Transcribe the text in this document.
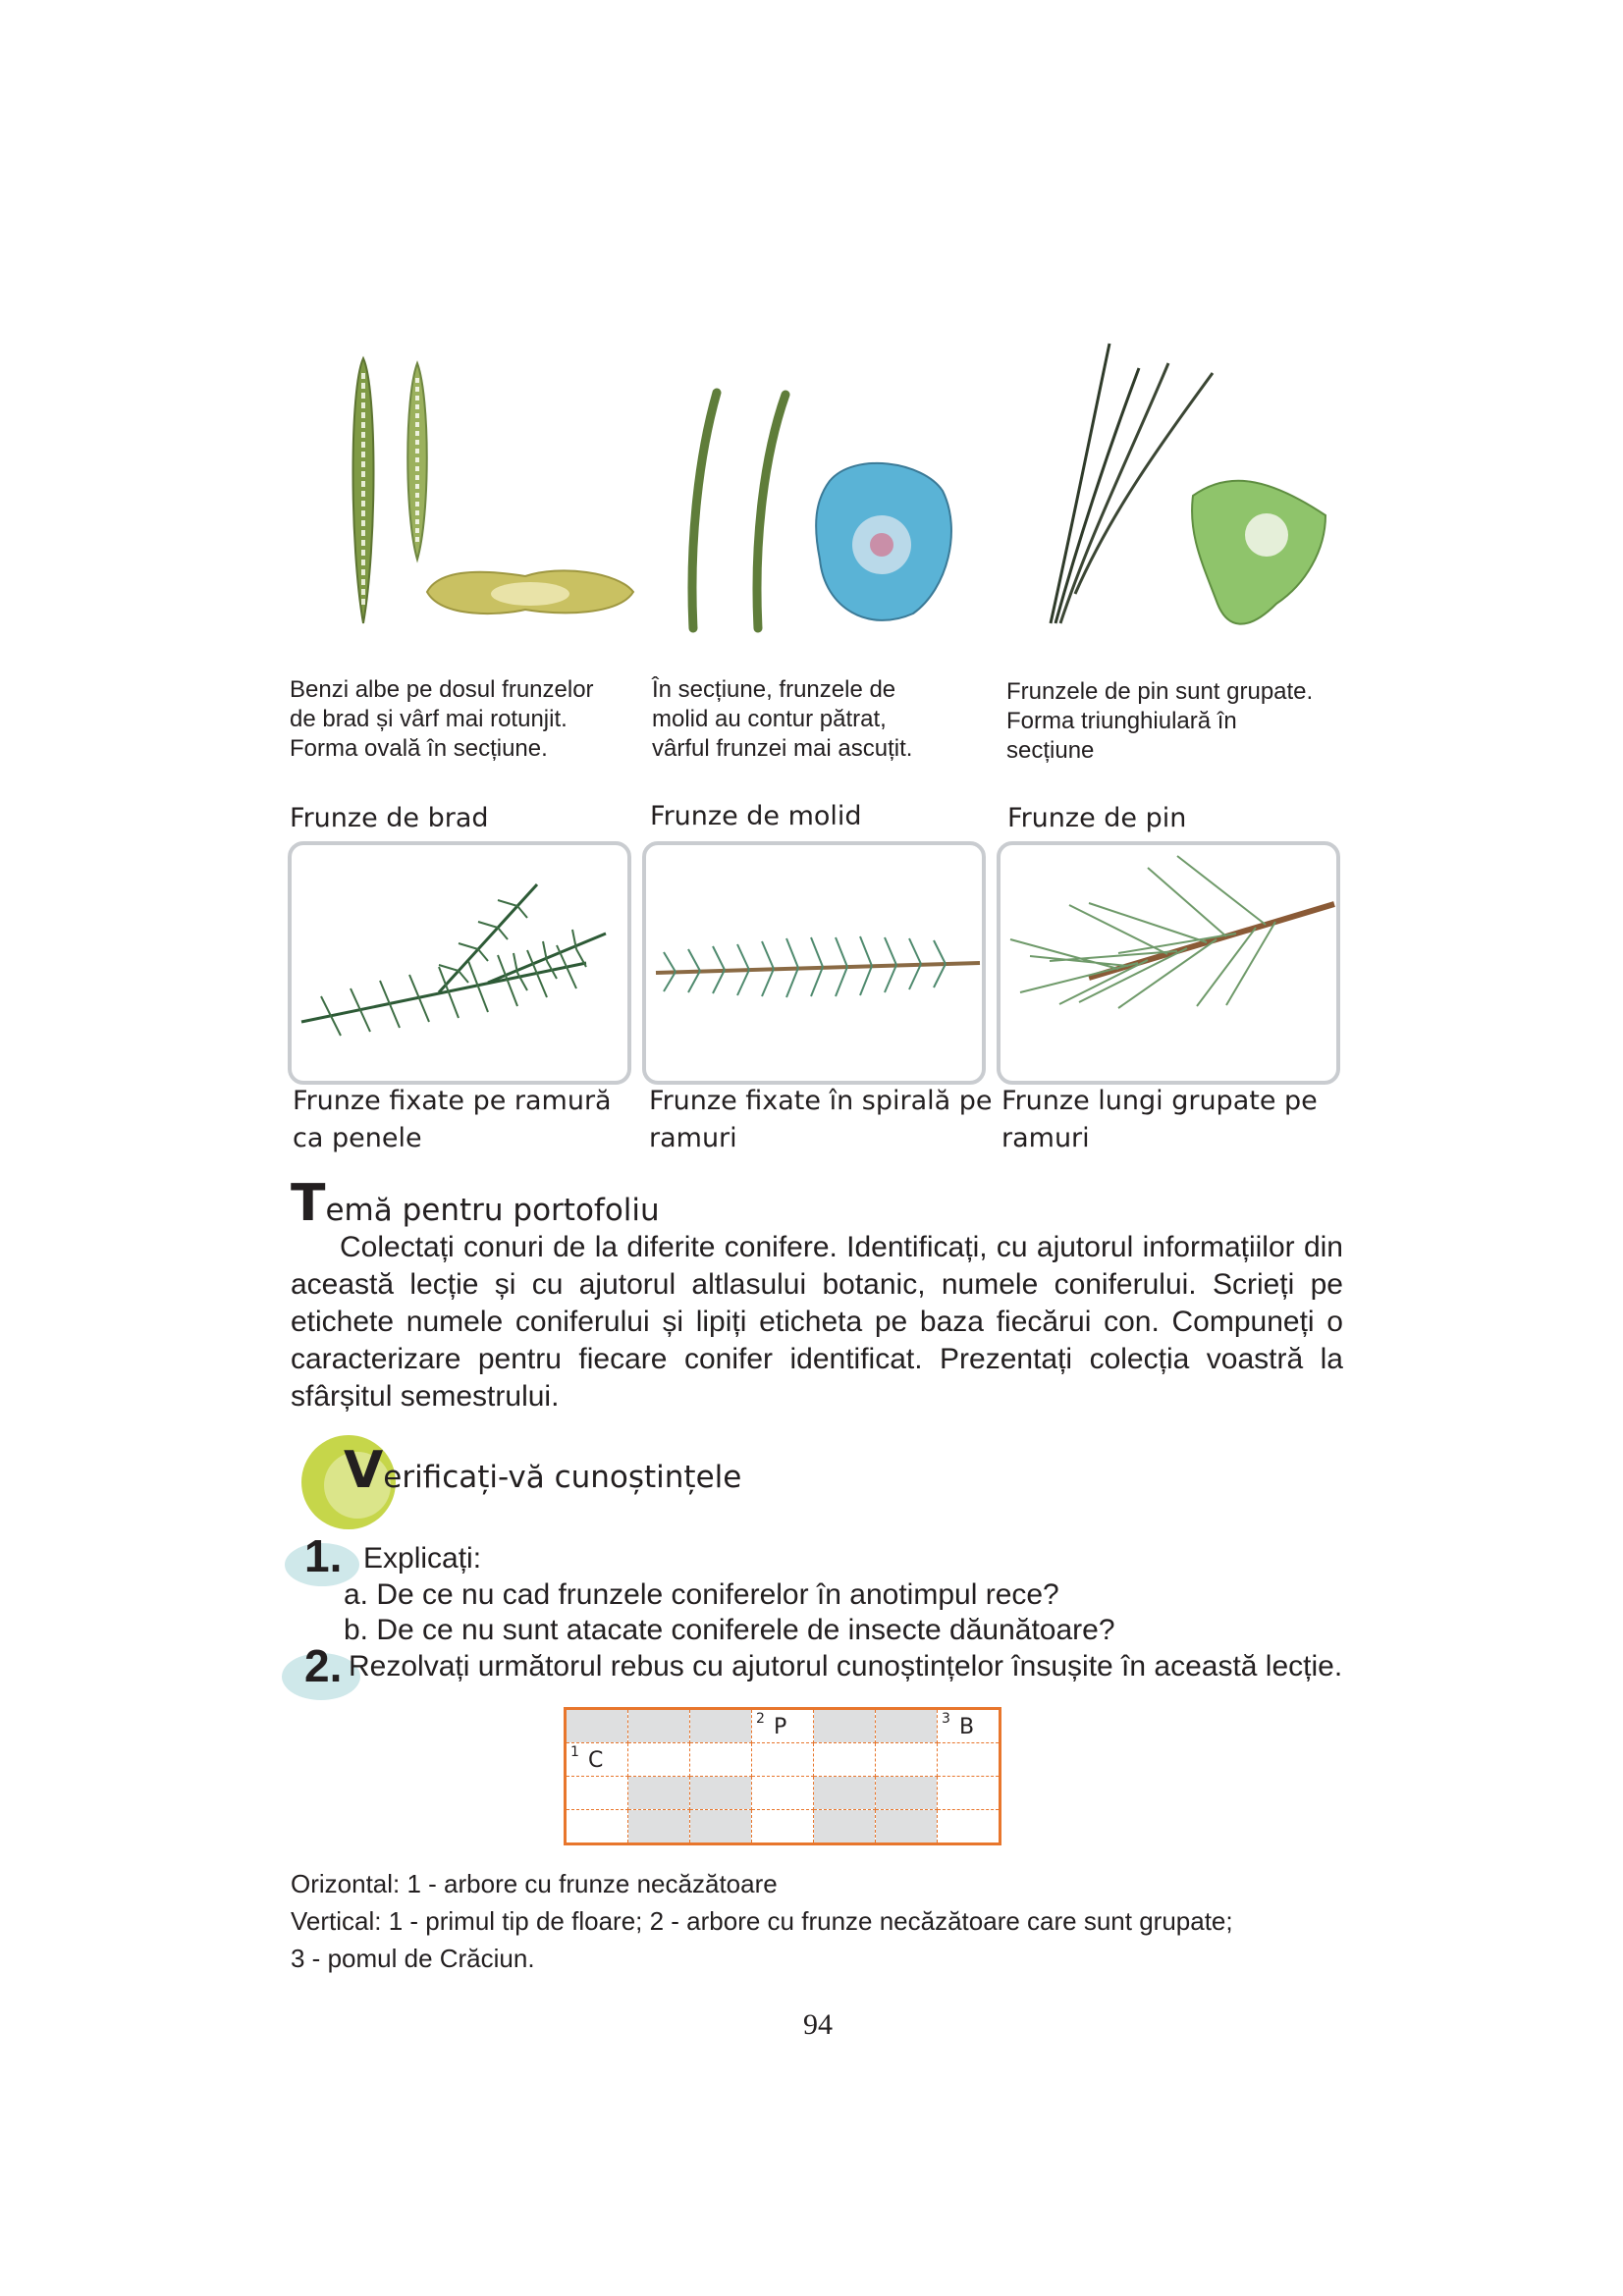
Benzi albe pe dosul frunzelor
de brad și vârf mai rotunjit.
Forma ovală în secțiune.
În secțiune, frunzele de
molid au contur pătrat,
vârful frunzei mai ascuțit.
Frunzele de pin sunt grupate.
Forma triunghiulară în
secțiune
Frunze de brad	Frunze de molid	Frunze de pin
Frunze fixate pe ramură
ca penele
Frunze fixate în spirală pe
ramuri
Frunze lungi grupate pe
ramuri
Temă pentru portofoliu
Colectați conuri de la diferite conifere. Identificați, cu ajutorul informațiilor din această lecție și cu ajutorul altlasului botanic, numele coniferului. Scrieți pe etichete numele coniferului și lipiți eticheta pe baza fiecărui con. Compuneți o caracterizare pentru fiecare conifer identificat. Prezentați colecția voastră la sfârșitul semestrului.
Verificați-vă cunoștințele
1. Explicați:
a. De ce nu cad frunzele coniferelor în anotimpul rece?
b. De ce nu sunt atacate coniferele de insecte dăunătoare?
2. Rezolvați următorul rebus cu ajutorul cunoștințelor însușite în această lecție.

			2 P			3 B

1 C						

Orizontal: 1 - arbore cu frunze necăzătoare
Vertical: 1 - primul tip de floare; 2 - arbore cu frunze necăzătoare care sunt grupate;
3 - pomul de Crăciun.
94
